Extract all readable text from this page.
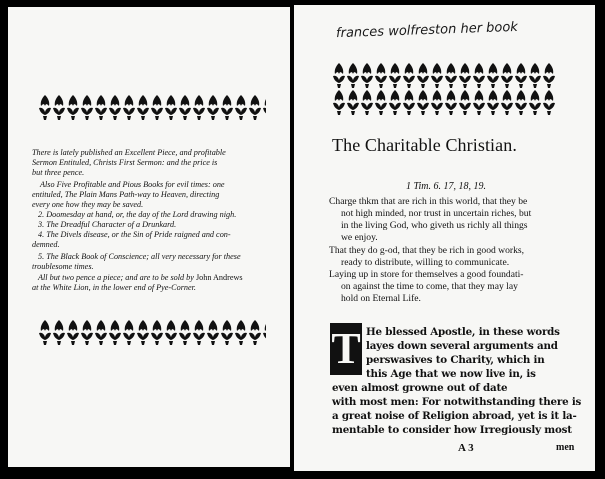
There is lately published an Excellent Piece, and profitable
Sermon Entituled, Christs First Sermon: and the price is
but three pence.
Also Five Profitable and Pious Books for evil times: one
entituled, The Plain Mans Path-way to Heaven, directing
every one how they may be saved.
2. Doomesday at hand, or, the day of the Lord drawing nigh.
3. The Dreadful Character of a Drunkard.
4. The Divels disease, or the Sin of Pride raigned and con-
demned.
5. The Black Book of Conscience; all very necessary for these
troublesome times.
All but two pence a piece; and are to be sold by John Andrews
at the White Lion, in the lower end of Pye-Corner.
frances wolfreston her book
The Charitable Christian.
1 Tim. 6. 17, 18, 19.
Charge thkm that are rich in this world, that they be
not high minded, nor trust in uncertain riches, but
in the living God, who giveth us richly all things
we enjoy.
That they do g-od, that they be rich in good works,
ready to distribute, willing to communicate.
Laying up in store for themselves a good foundati-
on against the time to come, that they may lay
hold on Eternal Life.
T He blessed Apostle, in these words
layes down several arguments and
perswasives to Charity, which in
this Age that we now live in, is
even almost growne out of date
with most men: For notwithstanding there is
a great noise of Religion abroad, yet is it la-
mentable to consider how Irregiously most
A 3	men
